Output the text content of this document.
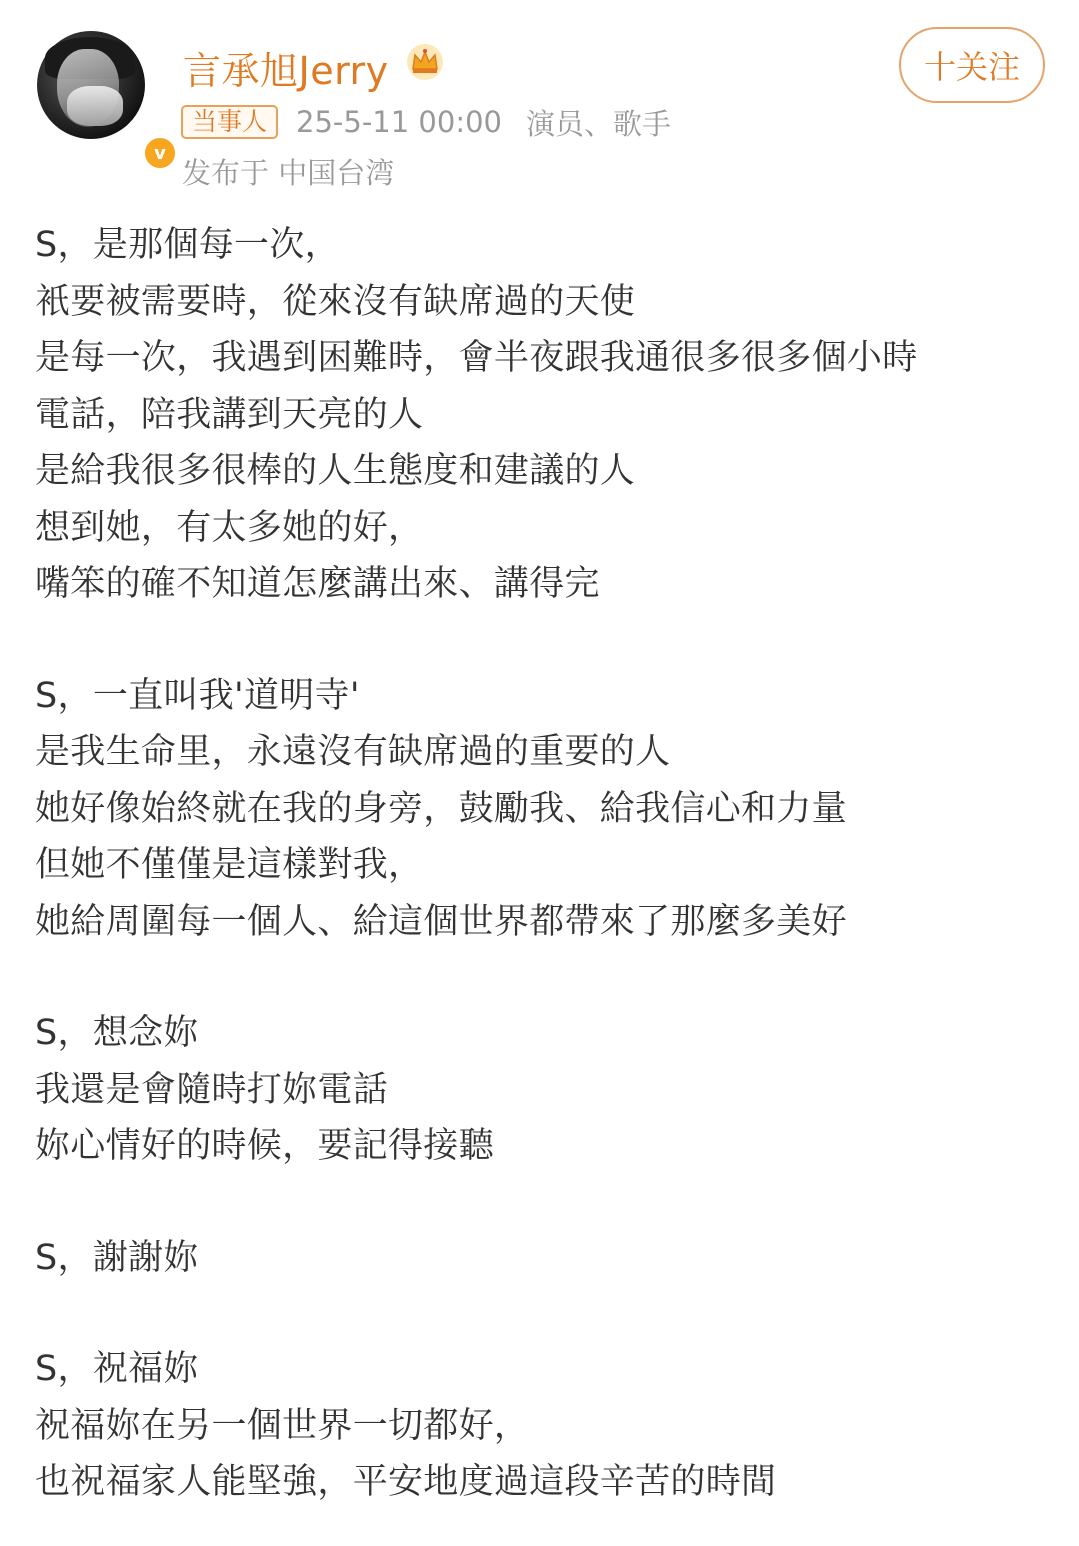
v
言承旭Jerry
当事人	25-5-11 00:00 演员、歌手
发布于 中国台湾
十关注
S，是那個每一次，
衹要被需要時，從來沒有缺席過的天使
是每一次，我遇到困難時，會半夜跟我通很多很多個小時
電話，陪我講到天亮的人
是給我很多很棒的人生態度和建議的人
想到她，有太多她的好，
嘴笨的確不知道怎麼講出來、講得完
S，一直叫我'道明寺'
是我生命里，永遠沒有缺席過的重要的人
她好像始終就在我的身旁，鼓勵我、給我信心和力量
但她不僅僅是這樣對我，
她給周圍每一個人、給這個世界都帶來了那麼多美好
S，想念妳
我還是會隨時打妳電話
妳心情好的時候，要記得接聽
S，謝謝妳
S，祝福妳
祝福妳在另一個世界一切都好，
也祝福家人能堅強，平安地度過這段辛苦的時間
